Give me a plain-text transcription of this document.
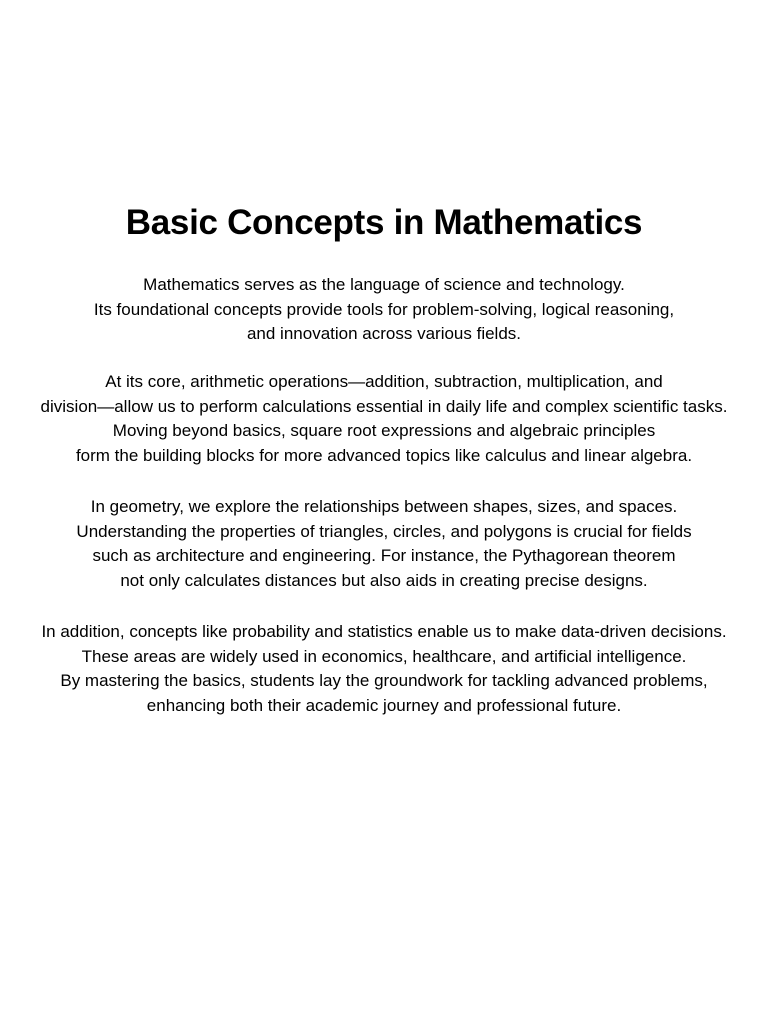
Basic Concepts in Mathematics

Mathematics serves as the language of science and technology.
Its foundational concepts provide tools for problem-solving, logical reasoning,
and innovation across various fields.

At its core, arithmetic operations—addition, subtraction, multiplication, and
division—allow us to perform calculations essential in daily life and complex scientific tasks.
Moving beyond basics, square root expressions and algebraic principles
form the building blocks for more advanced topics like calculus and linear algebra.

In geometry, we explore the relationships between shapes, sizes, and spaces.
Understanding the properties of triangles, circles, and polygons is crucial for fields
such as architecture and engineering. For instance, the Pythagorean theorem
not only calculates distances but also aids in creating precise designs.

In addition, concepts like probability and statistics enable us to make data-driven decisions.
These areas are widely used in economics, healthcare, and artificial intelligence.
By mastering the basics, students lay the groundwork for tackling advanced problems,
enhancing both their academic journey and professional future.
